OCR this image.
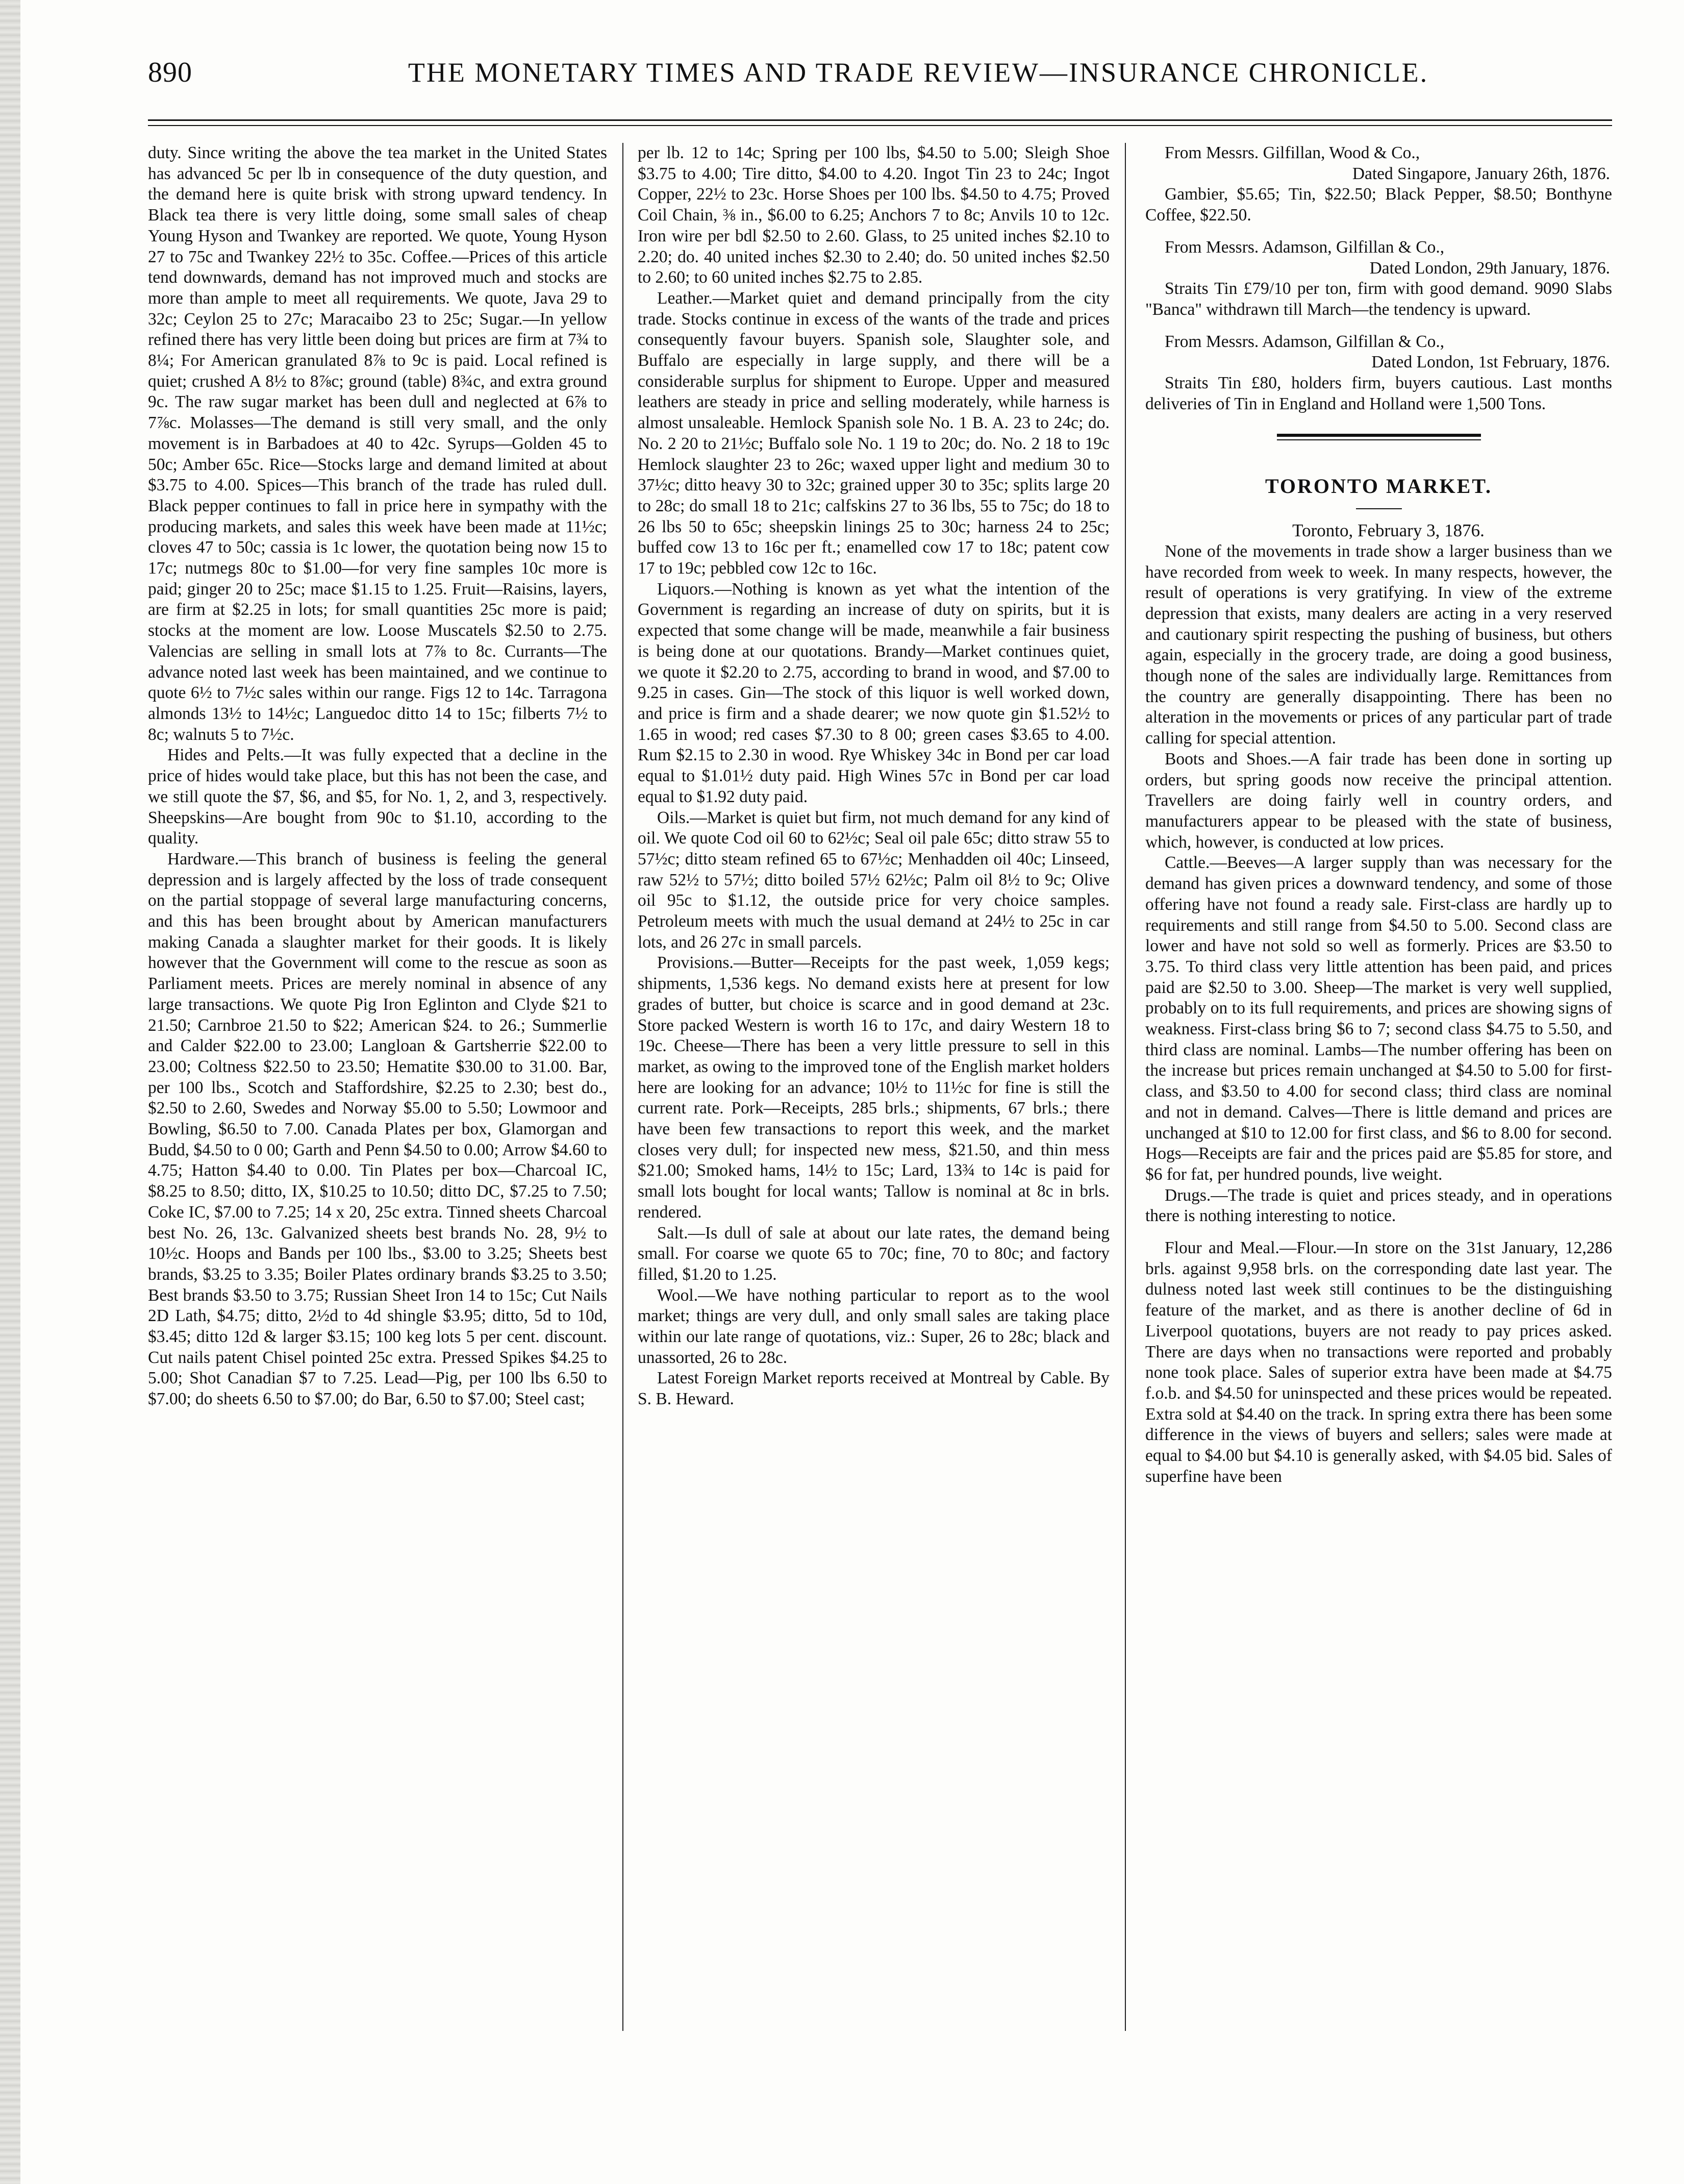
890	THE MONETARY TIMES AND TRADE REVIEW—INSURANCE CHRONICLE.

duty. Since writing the above the tea market in the United States has advanced 5c per lb in consequence of the duty question, and the demand here is quite brisk with strong upward tendency. In Black tea there is very little doing, some small sales of cheap Young Hyson and Twankey are reported. We quote, Young Hyson 27 to 75c and Twankey 22½ to 35c. Coffee.—Prices of this article tend downwards, demand has not improved much and stocks are more than ample to meet all requirements. We quote, Java 29 to 32c; Ceylon 25 to 27c; Maracaibo 23 to 25c; Sugar.—In yellow refined there has very little been doing but prices are firm at 7¾ to 8¼; For American granulated 8⅞ to 9c is paid. Local refined is quiet; crushed A 8½ to 8⅞c; ground (table) 8¾c, and extra ground 9c. The raw sugar market has been dull and neglected at 6⅞ to 7⅞c. Molasses—The demand is still very small, and the only movement is in Barbadoes at 40 to 42c. Syrups—Golden 45 to 50c; Amber 65c. Rice—Stocks large and demand limited at about $3.75 to 4.00. Spices—This branch of the trade has ruled dull. Black pepper continues to fall in price here in sympathy with the producing markets, and sales this week have been made at 11½c; cloves 47 to 50c; cassia is 1c lower, the quotation being now 15 to 17c; nutmegs 80c to $1.00—for very fine samples 10c more is paid; ginger 20 to 25c; mace $1.15 to 1.25. Fruit—Raisins, layers, are firm at $2.25 in lots; for small quantities 25c more is paid; stocks at the moment are low. Loose Muscatels $2.50 to 2.75. Valencias are selling in small lots at 7⅞ to 8c. Currants—The advance noted last week has been maintained, and we continue to quote 6½ to 7½c sales within our range. Figs 12 to 14c. Tarragona almonds 13½ to 14½c; Languedoc ditto 14 to 15c; filberts 7½ to 8c; walnuts 5 to 7½c.

Hides and Pelts.—It was fully expected that a decline in the price of hides would take place, but this has not been the case, and we still quote the $7, $6, and $5, for No. 1, 2, and 3, respectively. Sheepskins—Are bought from 90c to $1.10, according to the quality.

Hardware.—This branch of business is feeling the general depression and is largely affected by the loss of trade consequent on the partial stoppage of several large manufacturing concerns, and this has been brought about by American manufacturers making Canada a slaughter market for their goods. It is likely however that the Government will come to the rescue as soon as Parliament meets. Prices are merely nominal in absence of any large transactions. We quote Pig Iron Eglinton and Clyde $21 to 21.50; Carnbroe 21.50 to $22; American $24. to 26.; Summerlie and Calder $22.00 to 23.00; Langloan & Gartsherrie $22.00 to 23.00; Coltness $22.50 to 23.50; Hematite $30.00 to 31.00. Bar, per 100 lbs., Scotch and Staffordshire, $2.25 to 2.30; best do., $2.50 to 2.60, Swedes and Norway $5.00 to 5.50; Lowmoor and Bowling, $6.50 to 7.00. Canada Plates per box, Glamorgan and Budd, $4.50 to 0 00; Garth and Penn $4.50 to 0.00; Arrow $4.60 to 4.75; Hatton $4.40 to 0.00. Tin Plates per box—Charcoal IC, $8.25 to 8.50; ditto, IX, $10.25 to 10.50; ditto DC, $7.25 to 7.50; Coke IC, $7.00 to 7.25; 14 x 20, 25c extra. Tinned sheets Charcoal best No. 26, 13c. Galvanized sheets best brands No. 28, 9½ to 10½c. Hoops and Bands per 100 lbs., $3.00 to 3.25; Sheets best brands, $3.25 to 3.35; Boiler Plates ordinary brands $3.25 to 3.50; Best brands $3.50 to 3.75; Russian Sheet Iron 14 to 15c; Cut Nails 2D Lath, $4.75; ditto, 2½d to 4d shingle $3.95; ditto, 5d to 10d, $3.45; ditto 12d & larger $3.15; 100 keg lots 5 per cent. discount. Cut nails patent Chisel pointed 25c extra. Pressed Spikes $4.25 to 5.00; Shot Canadian $7 to 7.25. Lead—Pig, per 100 lbs 6.50 to $7.00; do sheets 6.50 to $7.00; do Bar, 6.50 to $7.00; Steel cast;

per lb. 12 to 14c; Spring per 100 lbs, $4.50 to 5.00; Sleigh Shoe $3.75 to 4.00; Tire ditto, $4.00 to 4.20. Ingot Tin 23 to 24c; Ingot Copper, 22½ to 23c. Horse Shoes per 100 lbs. $4.50 to 4.75; Proved Coil Chain, ⅜ in., $6.00 to 6.25; Anchors 7 to 8c; Anvils 10 to 12c. Iron wire per bdl $2.50 to 2.60. Glass, to 25 united inches $2.10 to 2.20; do. 40 united inches $2.30 to 2.40; do. 50 united inches $2.50 to 2.60; to 60 united inches $2.75 to 2.85.

Leather.—Market quiet and demand principally from the city trade. Stocks continue in excess of the wants of the trade and prices consequently favour buyers. Spanish sole, Slaughter sole, and Buffalo are especially in large supply, and there will be a considerable surplus for shipment to Europe. Upper and measured leathers are steady in price and selling moderately, while harness is almost unsaleable. Hemlock Spanish sole No. 1 B. A. 23 to 24c; do. No. 2 20 to 21½c; Buffalo sole No. 1 19 to 20c; do. No. 2 18 to 19c Hemlock slaughter 23 to 26c; waxed upper light and medium 30 to 37½c; ditto heavy 30 to 32c; grained upper 30 to 35c; splits large 20 to 28c; do small 18 to 21c; calfskins 27 to 36 lbs, 55 to 75c; do 18 to 26 lbs 50 to 65c; sheepskin linings 25 to 30c; harness 24 to 25c; buffed cow 13 to 16c per ft.; enamelled cow 17 to 18c; patent cow 17 to 19c; pebbled cow 12c to 16c.

Liquors.—Nothing is known as yet what the intention of the Government is regarding an increase of duty on spirits, but it is expected that some change will be made, meanwhile a fair business is being done at our quotations. Brandy—Market continues quiet, we quote it $2.20 to 2.75, according to brand in wood, and $7.00 to 9.25 in cases. Gin—The stock of this liquor is well worked down, and price is firm and a shade dearer; we now quote gin $1.52½ to 1.65 in wood; red cases $7.30 to 8 00; green cases $3.65 to 4.00. Rum $2.15 to 2.30 in wood. Rye Whiskey 34c in Bond per car load equal to $1.01½ duty paid. High Wines 57c in Bond per car load equal to $1.92 duty paid.

Oils.—Market is quiet but firm, not much demand for any kind of oil. We quote Cod oil 60 to 62½c; Seal oil pale 65c; ditto straw 55 to 57½c; ditto steam refined 65 to 67½c; Menhadden oil 40c; Linseed, raw 52½ to 57½; ditto boiled 57½ 62½c; Palm oil 8½ to 9c; Olive oil 95c to $1.12, the outside price for very choice samples. Petroleum meets with much the usual demand at 24½ to 25c in car lots, and 26 27c in small parcels.

Provisions.—Butter—Receipts for the past week, 1,059 kegs; shipments, 1,536 kegs. No demand exists here at present for low grades of butter, but choice is scarce and in good demand at 23c. Store packed Western is worth 16 to 17c, and dairy Western 18 to 19c. Cheese—There has been a very little pressure to sell in this market, as owing to the improved tone of the English market holders here are looking for an advance; 10½ to 11½c for fine is still the current rate. Pork—Receipts, 285 brls.; shipments, 67 brls.; there have been few transactions to report this week, and the market closes very dull; for inspected new mess, $21.50, and thin mess $21.00; Smoked hams, 14½ to 15c; Lard, 13¾ to 14c is paid for small lots bought for local wants; Tallow is nominal at 8c in brls. rendered.

Salt.—Is dull of sale at about our late rates, the demand being small. For coarse we quote 65 to 70c; fine, 70 to 80c; and factory filled, $1.20 to 1.25.

Wool.—We have nothing particular to report as to the wool market; things are very dull, and only small sales are taking place within our late range of quotations, viz.: Super, 26 to 28c; black and unassorted, 26 to 28c.

Latest Foreign Market reports received at Montreal by Cable. By S. B. Heward.

From Messrs. Gilfillan, Wood & Co.,

Dated Singapore, January 26th, 1876.

Gambier, $5.65; Tin, $22.50; Black Pepper, $8.50; Bonthyne Coffee, $22.50.

From Messrs. Adamson, Gilfillan & Co.,

Dated London, 29th January, 1876.

Straits Tin £79/10 per ton, firm with good demand. 9090 Slabs "Banca" withdrawn till March—the tendency is upward.

From Messrs. Adamson, Gilfillan & Co.,

Dated London, 1st February, 1876.

Straits Tin £80, holders firm, buyers cautious. Last months deliveries of Tin in England and Holland were 1,500 Tons.

TORONTO MARKET.

Toronto, February 3, 1876.

None of the movements in trade show a larger business than we have recorded from week to week. In many respects, however, the result of operations is very gratifying. In view of the extreme depression that exists, many dealers are acting in a very reserved and cautionary spirit respecting the pushing of business, but others again, especially in the grocery trade, are doing a good business, though none of the sales are individually large. Remittances from the country are generally disappointing. There has been no alteration in the movements or prices of any particular part of trade calling for special attention.

Boots and Shoes.—A fair trade has been done in sorting up orders, but spring goods now receive the principal attention. Travellers are doing fairly well in country orders, and manufacturers appear to be pleased with the state of business, which, however, is conducted at low prices.

Cattle.—Beeves—A larger supply than was necessary for the demand has given prices a downward tendency, and some of those offering have not found a ready sale. First-class are hardly up to requirements and still range from $4.50 to 5.00. Second class are lower and have not sold so well as formerly. Prices are $3.50 to 3.75. To third class very little attention has been paid, and prices paid are $2.50 to 3.00. Sheep—The market is very well supplied, probably on to its full requirements, and prices are showing signs of weakness. First-class bring $6 to 7; second class $4.75 to 5.50, and third class are nominal. Lambs—The number offering has been on the increase but prices remain unchanged at $4.50 to 5.00 for first-class, and $3.50 to 4.00 for second class; third class are nominal and not in demand. Calves—There is little demand and prices are unchanged at $10 to 12.00 for first class, and $6 to 8.00 for second. Hogs—Receipts are fair and the prices paid are $5.85 for store, and $6 for fat, per hundred pounds, live weight.

Drugs.—The trade is quiet and prices steady, and in operations there is nothing interesting to notice.

Flour and Meal.—Flour.—In store on the 31st January, 12,286 brls. against 9,958 brls. on the corresponding date last year. The dulness noted last week still continues to be the distinguishing feature of the market, and as there is another decline of 6d in Liverpool quotations, buyers are not ready to pay prices asked. There are days when no transactions were reported and probably none took place. Sales of superior extra have been made at $4.75 f.o.b. and $4.50 for uninspected and these prices would be repeated. Extra sold at $4.40 on the track. In spring extra there has been some difference in the views of buyers and sellers; sales were made at equal to $4.00 but $4.10 is generally asked, with $4.05 bid. Sales of superfine have been
